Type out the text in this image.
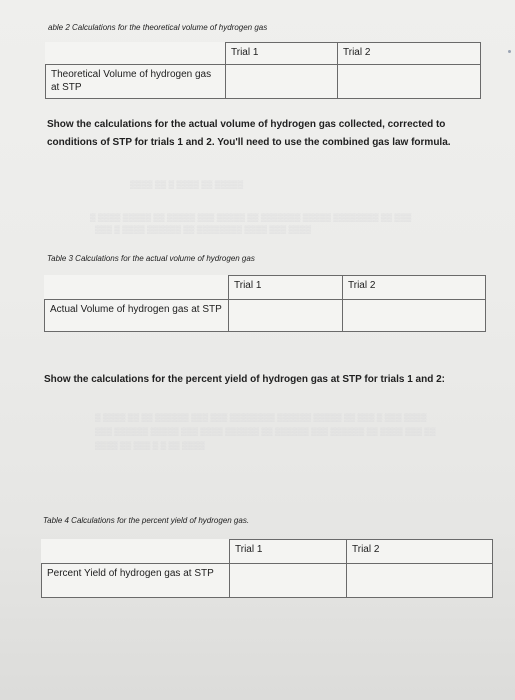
▒▒▒▒ ▒▒ ▒ ▒▒▒▒ ▒▒ ▒▒▒▒▒
▒ ▒▒▒▒ ▒▒▒▒▒ ▒▒ ▒▒▒▒▒ ▒▒▒ ▒▒▒▒▒ ▒▒ ▒▒▒▒▒▒▒ ▒▒▒▒▒ ▒▒▒▒▒▒▒▒ ▒▒ ▒▒▒
▒▒▒ ▒ ▒▒▒▒ ▒▒▒▒▒▒ ▒▒ ▒▒▒▒▒▒▒▒ ▒▒▒▒ ▒▒▒ ▒▒▒▒
▒ ▒▒▒▒ ▒▒ ▒▒ ▒▒▒▒▒▒ ▒▒▒ ▒▒▒ ▒▒▒▒▒▒▒▒ ▒▒▒▒▒▒ ▒▒▒▒▒ ▒▒ ▒▒▒ ▒ ▒▒▒ ▒▒▒▒
▒▒▒ ▒▒▒▒▒▒ ▒▒▒▒▒ ▒▒▒ ▒▒▒▒ ▒▒▒▒▒▒ ▒▒ ▒▒▒▒▒▒ ▒▒▒ ▒▒▒▒▒▒ ▒▒ ▒▒▒▒ ▒▒▒ ▒▒
▒▒▒▒ ▒▒ ▒▒▒ ▒ ▒ ▒▒ ▒▒▒▒
able 2 Calculations for the theoretical volume of hydrogen gas
	Trial 1	Trial 2
Theoretical Volume of hydrogen gas at STP		
Show the calculations for the actual volume of hydrogen gas collected, corrected to conditions of STP for trials 1 and 2. You'll need to use the combined gas law formula.
Table 3 Calculations for the actual volume of hydrogen gas
	Trial 1	Trial 2
Actual Volume of hydrogen gas at STP		
Show the calculations for the percent yield of hydrogen gas at STP for trials 1 and 2:
Table 4 Calculations for the percent yield of hydrogen gas.
	Trial 1	Trial 2
Percent Yield of hydrogen gas at STP		
